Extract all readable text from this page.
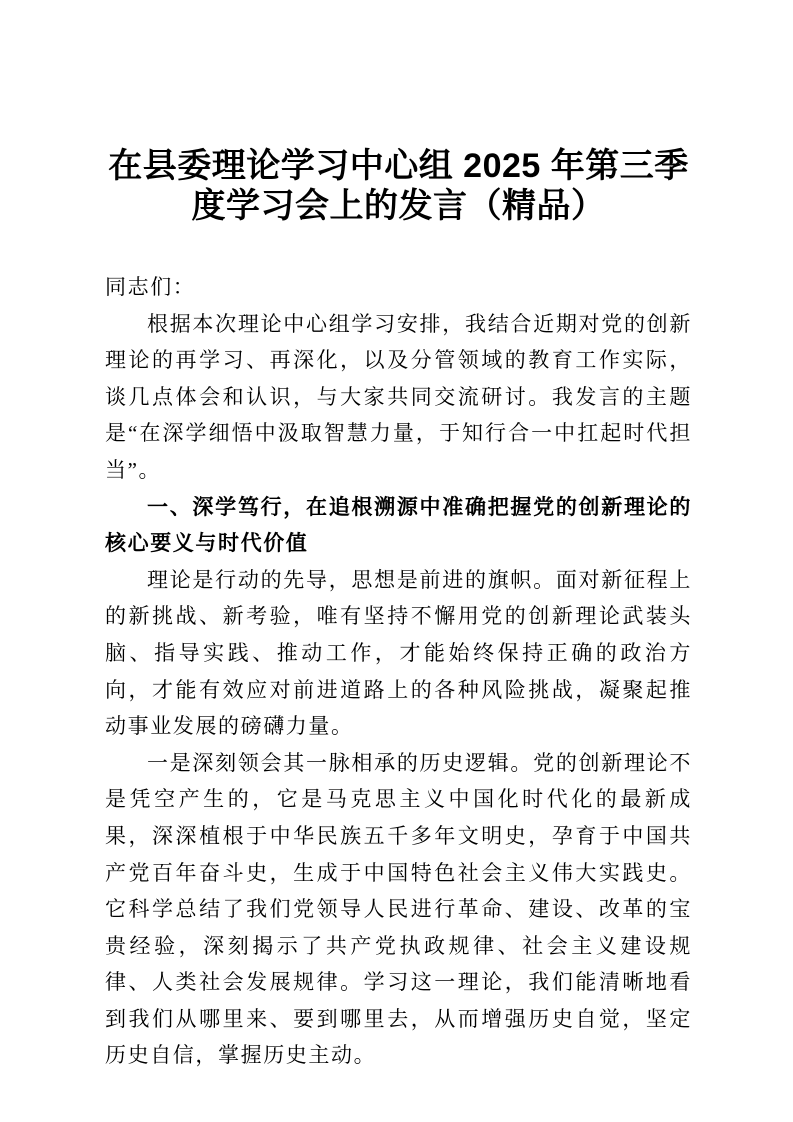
在县委理论学习中心组 2025 年第三季度学习会上的发言（精品）

同志们：

根据本次理论中心组学习安排，我结合近期对党的创新理论的再学习、再深化，以及分管领域的教育工作实际，谈几点体会和认识，与大家共同交流研讨。我发言的主题是“在深学细悟中汲取智慧力量，于知行合一中扛起时代担当”。

一、深学笃行，在追根溯源中准确把握党的创新理论的核心要义与时代价值

理论是行动的先导，思想是前进的旗帜。面对新征程上的新挑战、新考验，唯有坚持不懈用党的创新理论武装头脑、指导实践、推动工作，才能始终保持正确的政治方向，才能有效应对前进道路上的各种风险挑战，凝聚起推动事业发展的磅礴力量。

一是深刻领会其一脉相承的历史逻辑。党的创新理论不是凭空产生的，它是马克思主义中国化时代化的最新成果，深深植根于中华民族五千多年文明史，孕育于中国共产党百年奋斗史，生成于中国特色社会主义伟大实践史。它科学总结了我们党领导人民进行革命、建设、改革的宝贵经验，深刻揭示了共产党执政规律、社会主义建设规律、人类社会发展规律。学习这一理论，我们能清晰地看到我们从哪里来、要到哪里去，从而增强历史自觉，坚定历史自信，掌握历史主动。
